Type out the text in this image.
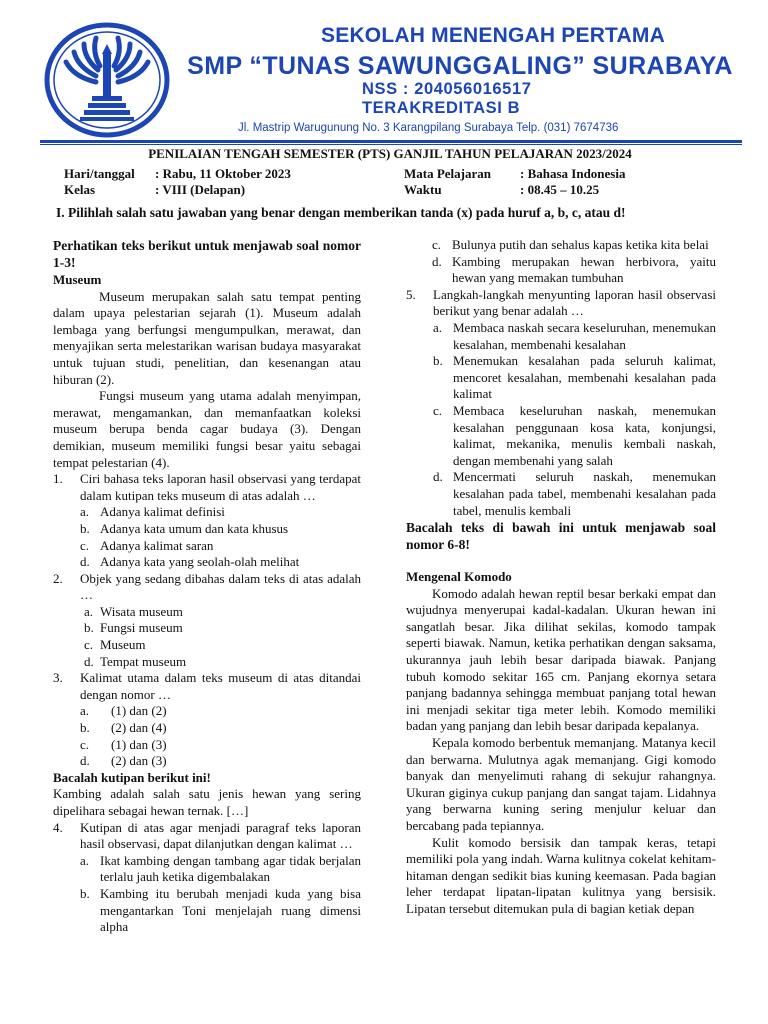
SEKOLAH MENENGAH PERTAMA
SMP “TUNAS SAWUNGGALING” SURABAYA
NSS : 204056016517
TERAKREDITASI B
Jl. Mastrip Warugunung No. 3 Karangpilang Surabaya Telp. (031) 7674736
PENILAIAN TENGAH SEMESTER (PTS) GANJIL TAHUN PELAJARAN 2023/2024
Hari/tanggal : Rabu, 11 Oktober 2023
Kelas	: VIII (Delapan)
Mata Pelajaran : Bahasa Indonesia
Waktu	: 08.45 – 10.25
I. Pilihlah salah satu jawaban yang benar dengan memberikan tanda (x) pada huruf a, b, c, atau d!

Perhatikan teks berikut untuk menjawab soal nomor 1-3!

Museum

Museum merupakan salah satu tempat penting dalam upaya pelestarian sejarah (1). Museum adalah lembaga yang berfungsi mengumpulkan, merawat, dan menyajikan serta melestarikan warisan budaya masyarakat untuk tujuan studi, penelitian, dan kesenangan atau hiburan (2).

Fungsi museum yang utama adalah menyimpan, merawat, mengamankan, dan memanfaatkan koleksi museum berupa benda cagar budaya (3). Dengan demikian, museum memiliki fungsi besar yaitu sebagai tempat pelestarian (4).

1.	Ciri bahasa teks laporan hasil observasi yang terdapat dalam kutipan teks museum di atas adalah …
a. Adanya kalimat definisi
b. Adanya kata umum dan kata khusus
c. Adanya kalimat saran
d. Adanya kata yang seolah-olah melihat
2.	Objek yang sedang dibahas dalam teks di atas adalah …
a. Wisata museum
b. Fungsi museum
c. Museum
d. Tempat museum
3.	Kalimat utama dalam teks museum di atas ditandai dengan nomor …
a.	(1) dan (2)
b.	(2) dan (4)
c.	(1) dan (3)
d.	(2) dan (3)

Bacalah kutipan berikut ini!

Kambing adalah salah satu jenis hewan yang sering dipelihara sebagai hewan ternak. […]

4.	Kutipan di atas agar menjadi paragraf teks laporan hasil observasi, dapat dilanjutkan dengan kalimat …
a. Ikat kambing dengan tambang agar tidak berjalan terlalu jauh ketika digembalakan
b. Kambing itu berubah menjadi kuda yang bisa mengantarkan Toni menjelajah ruang dimensi alpha
c. Bulunya putih dan sehalus kapas ketika kita belai
d. Kambing merupakan hewan herbivora, yaitu hewan yang memakan tumbuhan
5.	Langkah-langkah menyunting laporan hasil observasi berikut yang benar adalah …
a. Membaca naskah secara keseluruhan, menemukan kesalahan, membenahi kesalahan
b. Menemukan kesalahan pada seluruh kalimat, mencoret kesalahan, membenahi kesalahan pada kalimat
c. Membaca keseluruhan naskah, menemukan kesalahan penggunaan kosa kata, konjungsi, kalimat, mekanika, menulis kembali naskah, dengan membenahi yang salah
d. Mencermati seluruh naskah, menemukan kesalahan pada tabel, membenahi kesalahan pada tabel, menulis kembali

Bacalah teks di bawah ini untuk menjawab soal nomor 6-8!

Mengenal Komodo

Komodo adalah hewan reptil besar berkaki empat dan wujudnya menyerupai kadal-kadalan. Ukuran hewan ini sangatlah besar. Jika dilihat sekilas, komodo tampak seperti biawak. Namun, ketika perhatikan dengan saksama, ukurannya jauh lebih besar daripada biawak. Panjang tubuh komodo sekitar 165 cm. Panjang ekornya setara panjang badannya sehingga membuat panjang total hewan ini menjadi sekitar tiga meter lebih. Komodo memiliki badan yang panjang dan lebih besar daripada kepalanya.

Kepala komodo berbentuk memanjang. Matanya kecil dan berwarna. Mulutnya agak memanjang. Gigi komodo banyak dan menyelimuti rahang di sekujur rahangnya. Ukuran giginya cukup panjang dan sangat tajam. Lidahnya yang berwarna kuning sering menjulur keluar dan bercabang pada tepiannya.

Kulit komodo bersisik dan tampak keras, tetapi memiliki pola yang indah. Warna kulitnya cokelat kehitam-hitaman dengan sedikit bias kuning keemasan. Pada bagian leher terdapat lipatan-lipatan kulitnya yang bersisik. Lipatan tersebut ditemukan pula di bagian ketiak depan
